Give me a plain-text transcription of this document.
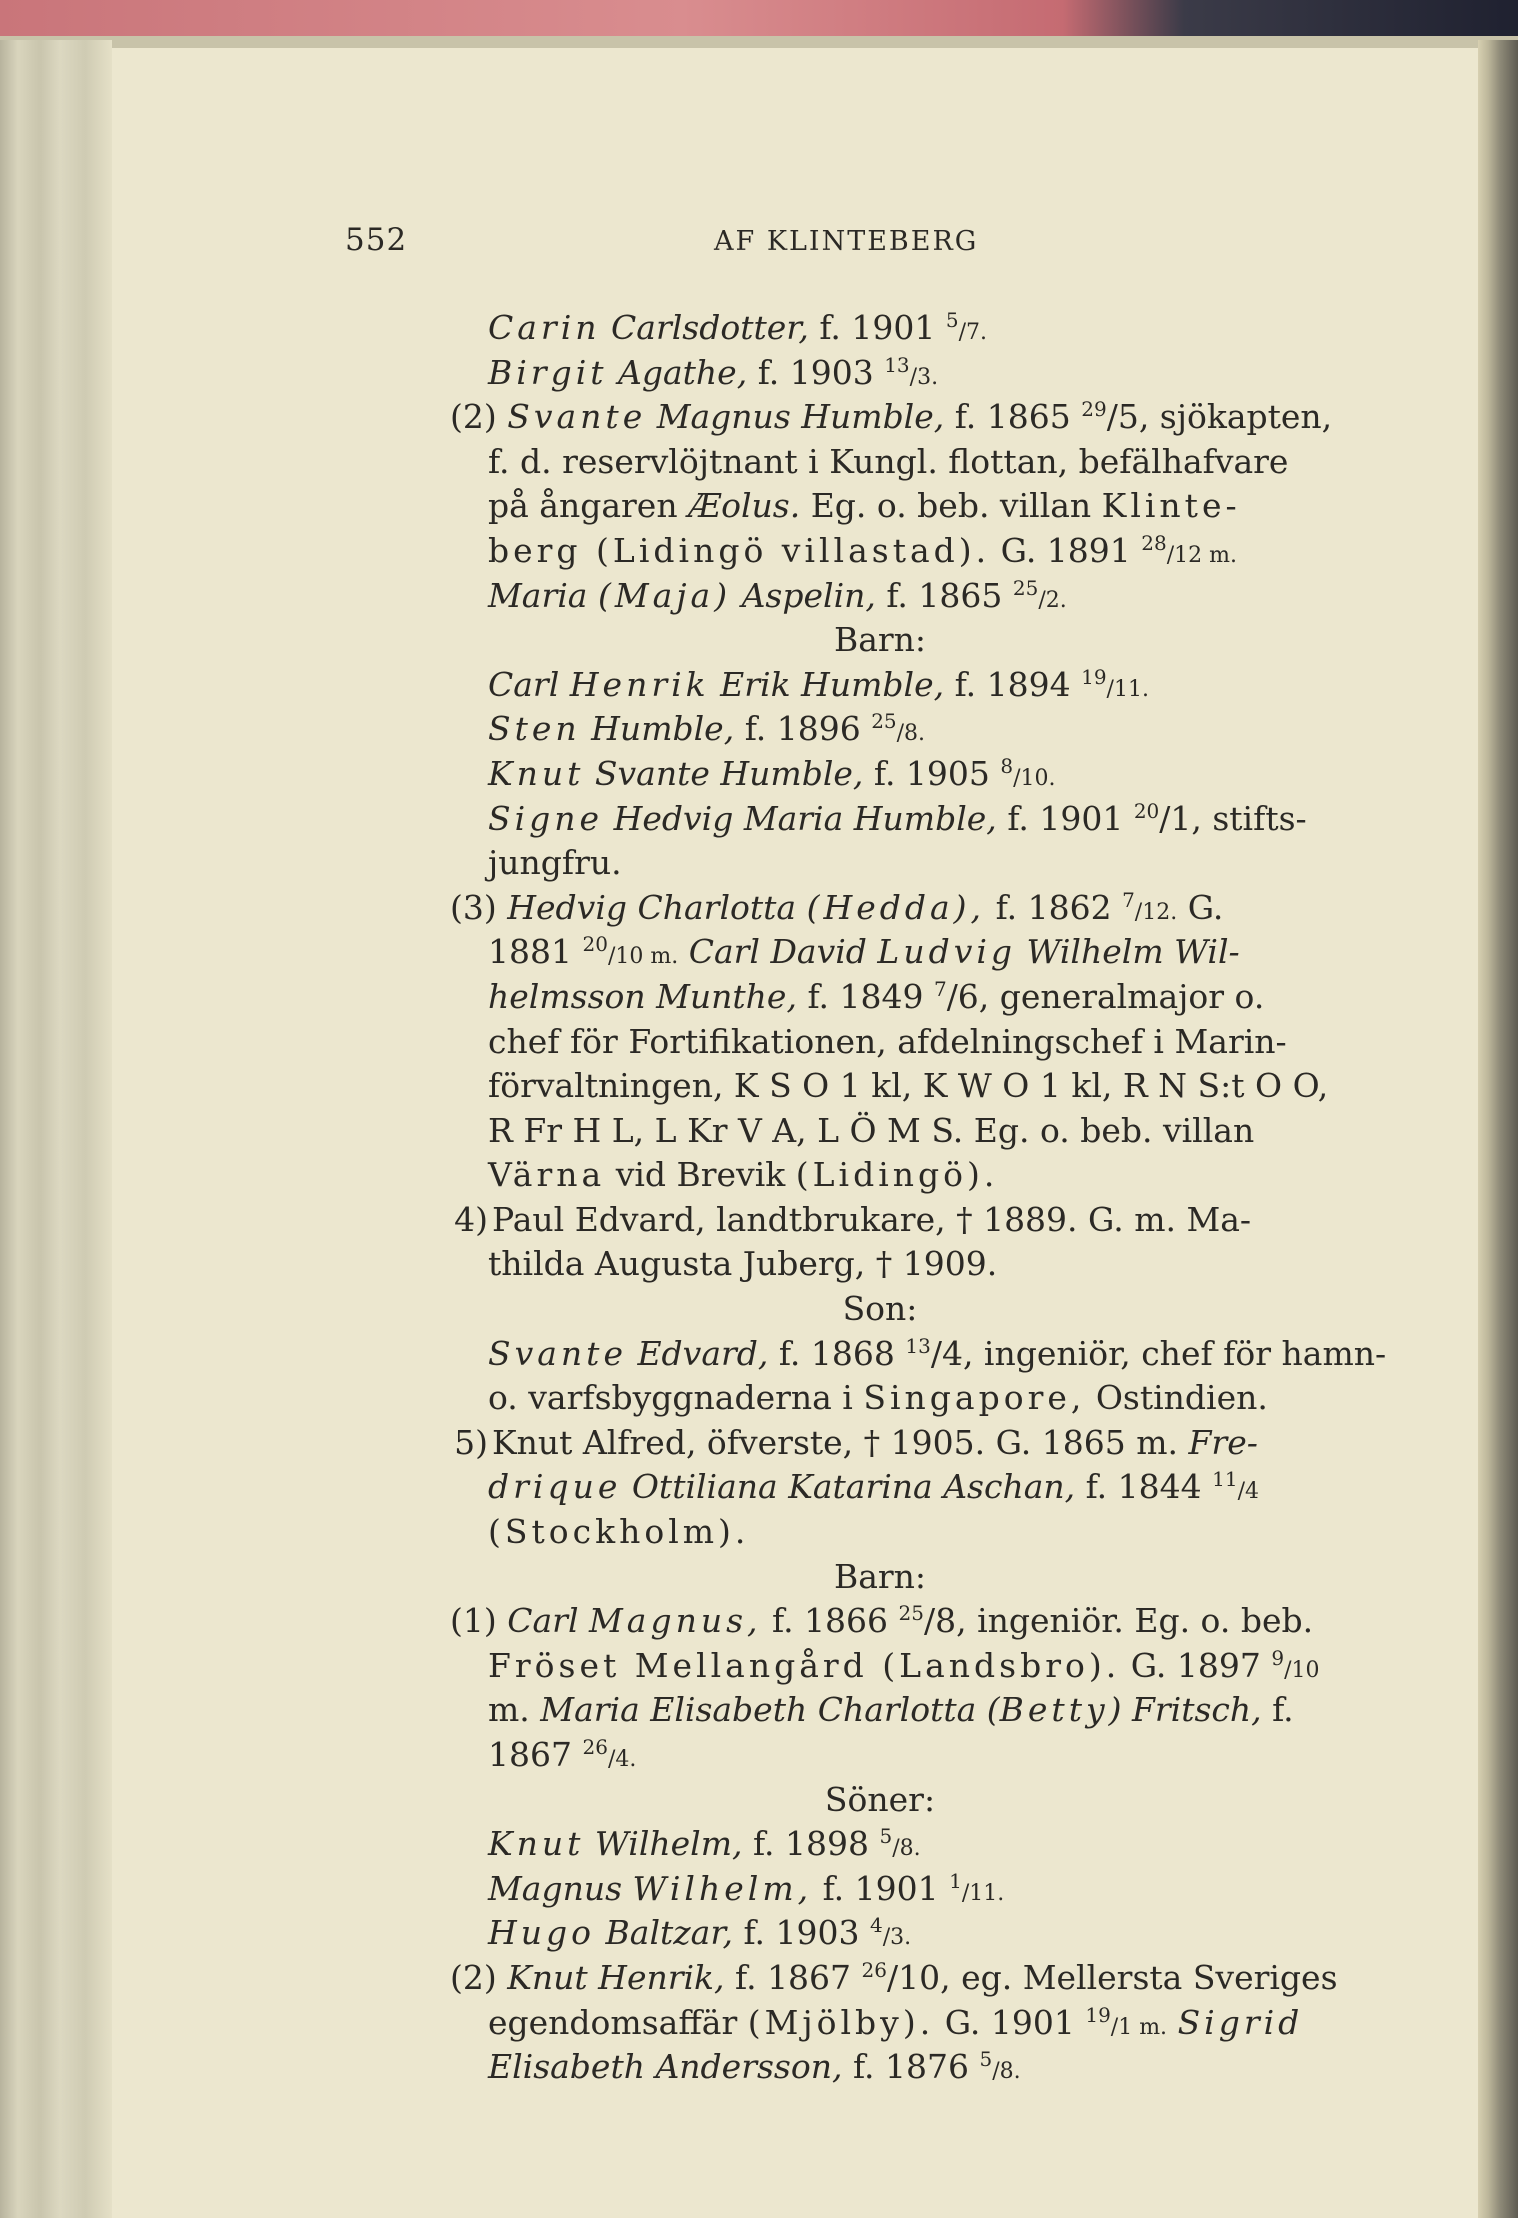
552	AF KLINTEBERG
Carin Carlsdotter, f. 1901 $^5$/7.
Birgit Agathe, f. 1903 $^{13}$/3.
(2) Svante Magnus Humble, f. 1865 $^{29}$/5, sjökapten,
f. d. reservlöjtnant i Kungl. flottan, befälhafvare
på ångaren Æolus. Eg. o. beb. villan Klinte-
berg (Lidingö villastad). G. 1891 $^{28}$/12 m.
Maria (Maja) Aspelin, f. 1865 $^{25}$/2.
Barn:
Carl Henrik Erik Humble, f. 1894 $^{19}$/11.
Sten Humble, f. 1896 $^{25}$/8.
Knut Svante Humble, f. 1905 $^8$/10.
Signe Hedvig Maria Humble, f. 1901 $^{20}$/1, stifts-
jungfru.
(3) Hedvig Charlotta (Hedda), f. 1862 $^7$/12. G.
1881 $^{20}$/10 m. Carl David Ludvig Wilhelm Wil-
helmsson Munthe, f. 1849 $^7$/6, generalmajor o.
chef för Fortifikationen, afdelningschef i Marin-
förvaltningen, K S O 1 kl, K W O 1 kl, R N S:t O O,
R Fr H L, L Kr V A, L Ö M S. Eg. o. beb. villan
Värna vid Brevik (Lidingö).
4) Paul Edvard, landtbrukare, † 1889. G. m. Ma-
thilda Augusta Juberg, † 1909.
Son:
Svante Edvard, f. 1868 $^{13}$/4, ingeniör, chef för hamn-
o. varfsbyggnaderna i Singapore, Ostindien.
5) Knut Alfred, öfverste, † 1905. G. 1865 m. Fre-
drique Ottiliana Katarina Aschan, f. 1844 $^{11}$/4
(Stockholm).
Barn:
(1) Carl Magnus, f. 1866 $^{25}$/8, ingeniör. Eg. o. beb.
Fröset Mellangård (Landsbro). G. 1897 $^9$/10
m. Maria Elisabeth Charlotta (Betty) Fritsch, f.
1867 $^{26}$/4.
Söner:
Knut Wilhelm, f. 1898 $^5$/8.
Magnus Wilhelm, f. 1901 $^1$/11.
Hugo Baltzar, f. 1903 $^4$/3.
(2) Knut Henrik, f. 1867 $^{26}$/10, eg. Mellersta Sveriges
egendomsaffär (Mjölby). G. 1901 $^{19}$/1 m. Sigrid
Elisabeth Andersson, f. 1876 $^5$/8.
